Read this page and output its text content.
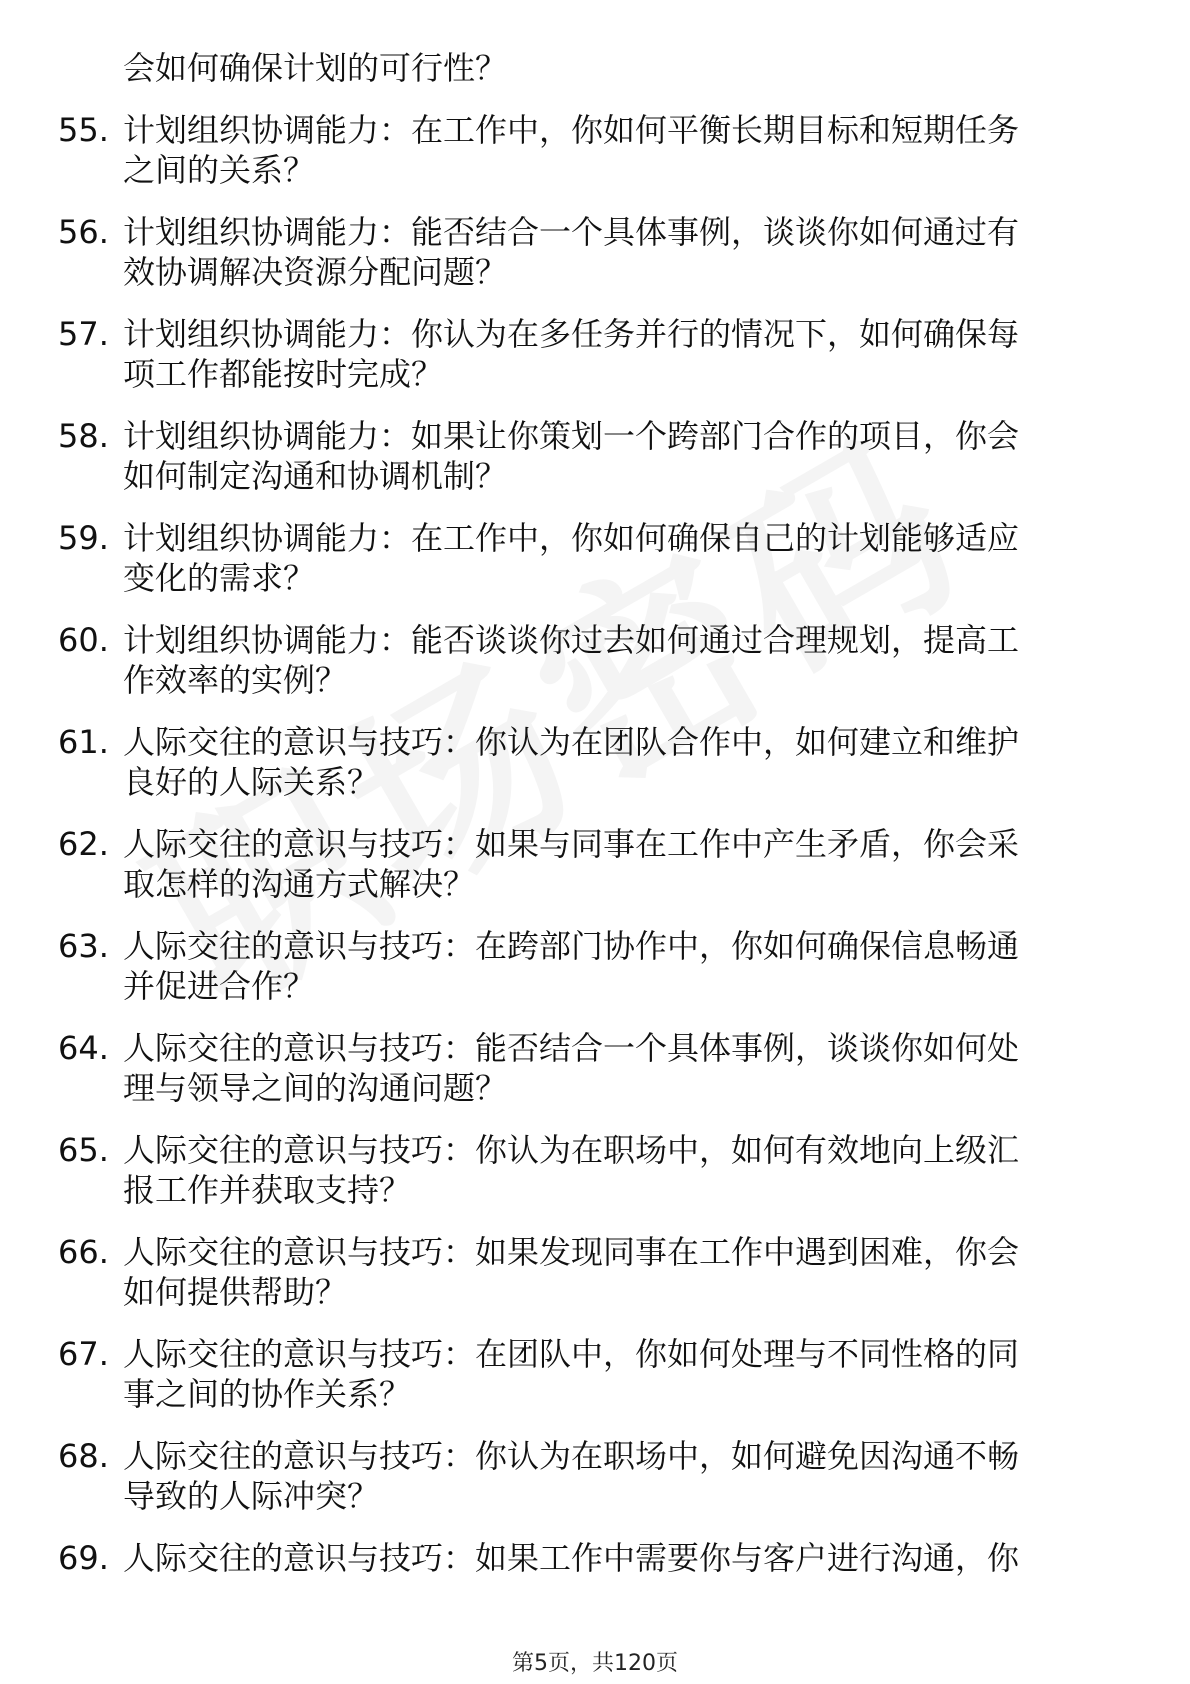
会如何确保计划的可行性？
55. 计划组织协调能力：在工作中，你如何平衡长期目标和短期任务
之间的关系？
56. 计划组织协调能力：能否结合一个具体事例，谈谈你如何通过有
效协调解决资源分配问题？
57. 计划组织协调能力：你认为在多任务并行的情况下，如何确保每
项工作都能按时完成？
58. 计划组织协调能力：如果让你策划一个跨部门合作的项目，你会
如何制定沟通和协调机制？
59. 计划组织协调能力：在工作中，你如何确保自己的计划能够适应
变化的需求？
60. 计划组织协调能力：能否谈谈你过去如何通过合理规划，提高工
作效率的实例？
61. 人际交往的意识与技巧：你认为在团队合作中，如何建立和维护
良好的人际关系？
62. 人际交往的意识与技巧：如果与同事在工作中产生矛盾，你会采
取怎样的沟通方式解决？
63. 人际交往的意识与技巧：在跨部门协作中，你如何确保信息畅通
并促进合作？
64. 人际交往的意识与技巧：能否结合一个具体事例，谈谈你如何处
理与领导之间的沟通问题？
65. 人际交往的意识与技巧：你认为在职场中，如何有效地向上级汇
报工作并获取支持？
66. 人际交往的意识与技巧：如果发现同事在工作中遇到困难，你会
如何提供帮助？
67. 人际交往的意识与技巧：在团队中，你如何处理与不同性格的同
事之间的协作关系？
68. 人际交往的意识与技巧：你认为在职场中，如何避免因沟通不畅
导致的人际冲突？
69. 人际交往的意识与技巧：如果工作中需要你与客户进行沟通，你
第5页，共120页
